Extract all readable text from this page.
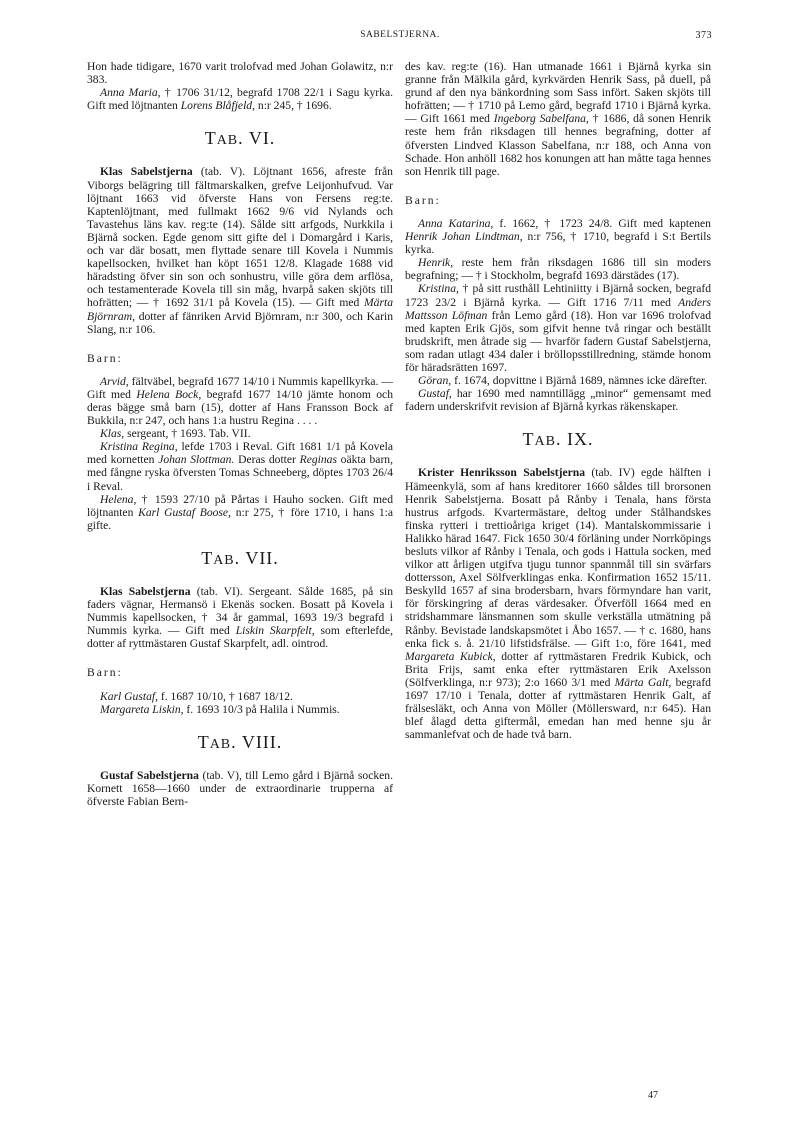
SABELSTJERNA.	373

Hon hade tidigare, 1670 varit trolofvad med Johan Golawitz, n:r 383.

Anna Maria, † 1706 31/12, begrafd 1708 22/1 i Sagu kyrka. Gift med löjtnanten Lorens Blåfjeld, n:r 245, † 1696.

TAB. VI.

Klas Sabelstjerna (tab. V). Löjtnant 1656, afreste från Viborgs belägring till fältmarskalken, grefve Leijonhufvud. Var löjtnant 1663 vid öfverste Hans von Fersens reg:te. Kaptenlöjtnant, med fullmakt 1662 9/6 vid Nylands och Tavastehus läns kav. reg:te (14). Sålde sitt arfgods, Nurkkila i Bjärnå socken. Egde genom sitt gifte del i Domargård i Karis, och var där bosatt, men flyttade senare till Kovela i Nummis kapellsocken, hvilket han köpt 1651 12/8. Klagade 1688 vid häradsting öfver sin son och sonhustru, ville göra dem arflösa, och testamenterade Kovela till sin måg, hvarpå saken skjöts till hofrätten; — † 1692 31/1 på Kovela (15). — Gift med Märta Björnram, dotter af fänriken Arvid Björnram, n:r 300, och Karin Slang, n:r 106.

Barn:

Arvid, fältväbel, begrafd 1677 14/10 i Nummis kapellkyrka. — Gift med Helena Bock, begrafd 1677 14/10 jämte honom och deras bägge små barn (15), dotter af Hans Fransson Bock af Bukkila, n:r 247, och hans 1:a hustru Regina . . . .

Klas, sergeant, † 1693. Tab. VII.

Kristina Regina, lefde 1703 i Reval. Gift 1681 1/1 på Kovela med kornetten Johan Slottman. Deras dotter Reginas oäkta barn, med fångne ryska öfversten Tomas Schneeberg, döptes 1703 26/4 i Reval.

Helena, † 1593 27/10 på Pårtas i Hauho socken. Gift med löjtnanten Karl Gustaf Boose, n:r 275, † före 1710, i hans 1:a gifte.

TAB. VII.

Klas Sabelstjerna (tab. VI). Sergeant. Sålde 1685, på sin faders vägnar, Hermansö i Ekenäs socken. Bosatt på Kovela i Nummis kapellsocken, † 34 år gammal, 1693 19/3 begrafd i Nummis kyrka. — Gift med Liskin Skarpfelt, som efterlefde, dotter af ryttmästaren Gustaf Skarpfelt, adl. ointrod.

Barn:

Karl Gustaf, f. 1687 10/10, † 1687 18/12.

Margareta Liskin, f. 1693 10/3 på Halila i Nummis.

TAB. VIII.

Gustaf Sabelstjerna (tab. V), till Lemo gård i Bjärnå socken. Kornett 1658—1660 under de extraordinarie trupperna af öfverste Fabian Bern-

des kav. reg:te (16). Han utmanade 1661 i Bjärnå kyrka sin granne från Mälkila gård, kyrkvärden Henrik Sass, på duell, på grund af den nya bänkordning som Sass infört. Saken skjöts till hofrätten; — † 1710 på Lemo gård, begrafd 1710 i Bjärnå kyrka. — Gift 1661 med Ingeborg Sabelfana, † 1686, då sonen Henrik reste hem från riksdagen till hennes begrafning, dotter af öfversten Lindved Klasson Sabelfana, n:r 188, och Anna von Schade. Hon anhöll 1682 hos konungen att han måtte taga hennes son Henrik till page.

Barn:

Anna Katarina, f. 1662, † 1723 24/8. Gift med kaptenen Henrik Johan Lindtman, n:r 756, † 1710, begrafd i S:t Bertils kyrka.

Henrik, reste hem från riksdagen 1686 till sin moders begrafning; — † i Stockholm, begrafd 1693 därstädes (17).

Kristina, † på sitt rusthåll Lehtiniitty i Bjärnå socken, begrafd 1723 23/2 i Bjärnå kyrka. — Gift 1716 7/11 med Anders Mattsson Löfman från Lemo gård (18). Hon var 1696 trolofvad med kapten Erik Gjös, som gifvit henne två ringar och beställt brudskrift, men åtrade sig — hvarför fadern Gustaf Sabelstjerna, som radan utlagt 434 daler i bröllopsstillredning, stämde honom för häradsrätten 1697.

Göran, f. 1674, dopvittne i Bjärnå 1689, nämnes icke därefter.

Gustaf, har 1690 med namntillägg „minor“ gemensamt med fadern underskrifvit revision af Bjärnå kyrkas räkenskaper.

TAB. IX.

Krister Henriksson Sabelstjerna (tab. IV) egde hälften i Hämeenkylä, som af hans kreditorer 1660 såldes till brorsonen Henrik Sabelstjerna. Bosatt på Rånby i Tenala, hans första hustrus arfgods. Kvartermästare, deltog under Stålhandskes finska rytteri i trettioåriga kriget (14). Mantalskommissarie i Halikko härad 1647. Fick 1650 30/4 förläning under Norrköpings besluts vilkor af Rånby i Tenala, och gods i Hattula socken, med vilkor att årligen utgifva tjugu tunnor spannmål till sin svärfars dottersson, Axel Sölfverklingas enka. Konfirmation 1652 15/11. Beskylld 1657 af sina brodersbarn, hvars förmyndare han varit, för förskingring af deras värdesaker. Öfverföll 1664 med en stridshammare länsmannen som skulle verkställa utmätning på Rånby. Bevistade landskapsmötet i Åbo 1657. — † c. 1680, hans enka fick s. å. 21/10 lifstidsfrälse. — Gift 1:o, före 1641, med Margareta Kubick, dotter af ryttmästaren Fredrik Kubick, och Brita Frijs, samt enka efter ryttmästaren Erik Axelsson (Sölfverklinga, n:r 973); 2:o 1660 3/1 med Märta Galt, begrafd 1697 17/10 i Tenala, dotter af ryttmästaren Henrik Galt, af frälsesläkt, och Anna von Möller (Möllersward, n:r 645). Han blef ålagd detta giftermål, emedan han med henne sju år sammanlefvat och de hade två barn.

47
